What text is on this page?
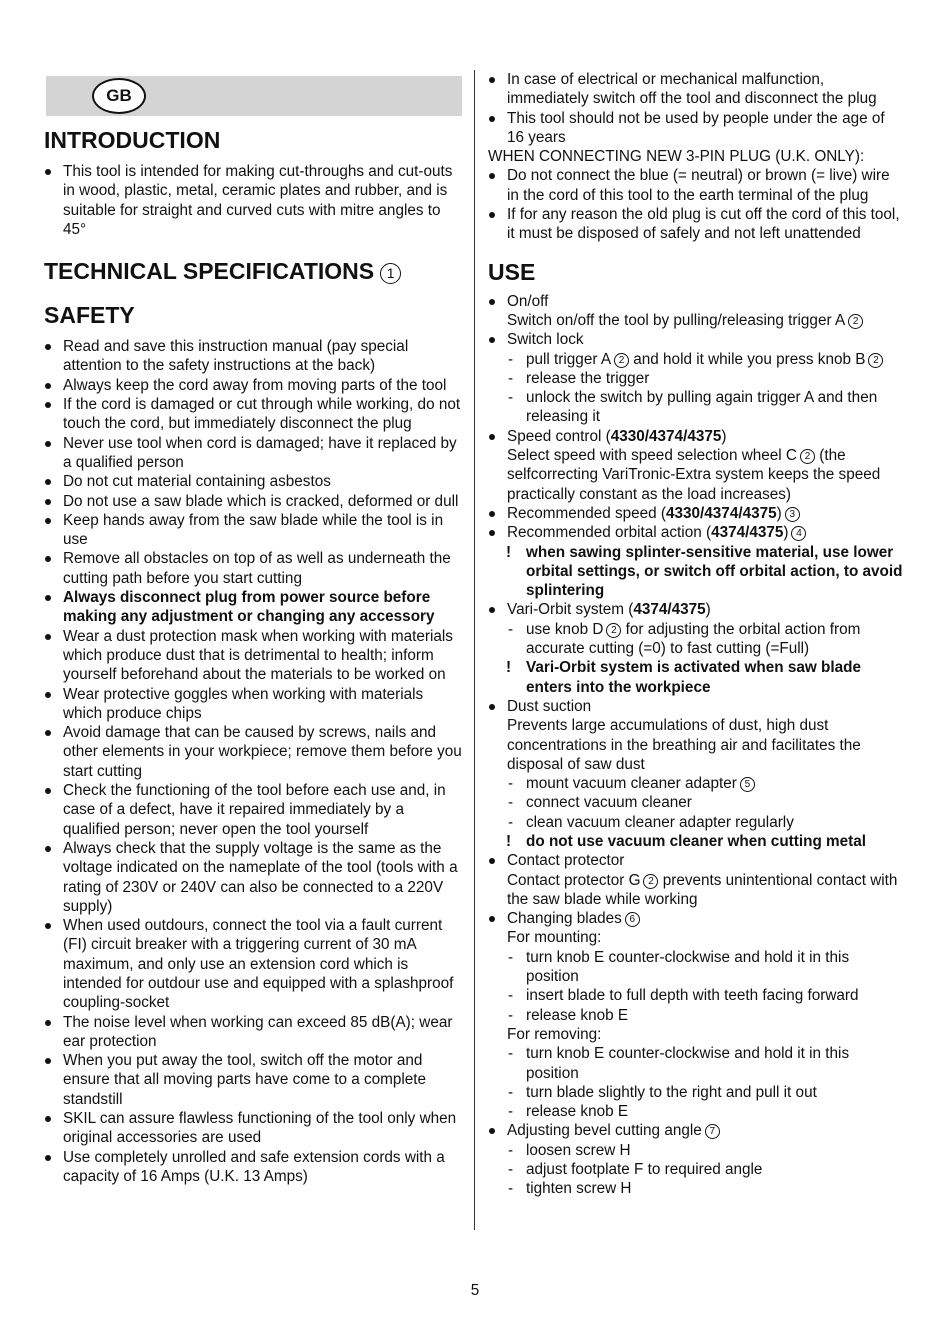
GB
INTRODUCTION
This tool is intended for making cut-throughs and cut-outs in wood, plastic, metal, ceramic plates and rubber, and is suitable for straight and curved cuts with mitre angles to 45°
TECHNICAL SPECIFICATIONS 1
SAFETY
Read and save this instruction manual (pay special attention to the safety instructions at the back)
Always keep the cord away from moving parts of the tool
If the cord is damaged or cut through while working, do not touch the cord, but immediately disconnect the plug
Never use tool when cord is damaged; have it replaced by a qualified person
Do not cut material containing asbestos
Do not use a saw blade which is cracked, deformed or dull
Keep hands away from the saw blade while the tool is in use
Remove all obstacles on top of as well as underneath the cutting path before you start cutting
Always disconnect plug from power source before making any adjustment or changing any accessory
Wear a dust protection mask when working with materials which produce dust that is detrimental to health; inform yourself beforehand about the materials to be worked on
Wear protective goggles when working with materials which produce chips
Avoid damage that can be caused by screws, nails and other elements in your workpiece; remove them before you start cutting
Check the functioning of the tool before each use and, in case of a defect, have it repaired immediately by a qualified person; never open the tool yourself
Always check that the supply voltage is the same as the voltage indicated on the nameplate of the tool (tools with a rating of 230V or 240V can also be connected to a 220V supply)
When used outdours, connect the tool via a fault current (FI) circuit breaker with a triggering current of 30 mA maximum, and only use an extension cord which is intended for outdour use and equipped with a splashproof coupling-socket
The noise level when working can exceed 85 dB(A); wear ear protection
When you put away the tool, switch off the motor and ensure that all moving parts have come to a complete standstill
SKIL can assure flawless functioning of the tool only when original accessories are used
Use completely unrolled and safe extension cords with a capacity of 16 Amps (U.K. 13 Amps)
In case of electrical or mechanical malfunction, immediately switch off the tool and disconnect the plug
This tool should not be used by people under the age of 16 years
WHEN CONNECTING NEW 3-PIN PLUG (U.K. ONLY):
Do not connect the blue (= neutral) or brown (= live) wire in the cord of this tool to the earth terminal of the plug
If for any reason the old plug is cut off the cord of this tool, it must be disposed of safely and not left unattended
USE
On/off
Switch on/off the tool by pulling/releasing trigger A 2
Switch lock
- pull trigger A 2 and hold it while you press knob B 2
- release the trigger
- unlock the switch by pulling again trigger A and then releasing it
Speed control (4330/4374/4375)
Select speed with speed selection wheel C 2 (the selfcorrecting VariTronic-Extra system keeps the speed practically constant as the load increases)
Recommended speed (4330/4374/4375) 3
Recommended orbital action (4374/4375) 4
! when sawing splinter-sensitive material, use lower orbital settings, or switch off orbital action, to avoid splintering
Vari-Orbit system (4374/4375)
- use knob D 2 for adjusting the orbital action from accurate cutting (=0) to fast cutting (=Full)
! Vari-Orbit system is activated when saw blade enters into the workpiece
Dust suction
Prevents large accumulations of dust, high dust concentrations in the breathing air and facilitates the disposal of saw dust
- mount vacuum cleaner adapter 5
- connect vacuum cleaner
- clean vacuum cleaner adapter regularly
! do not use vacuum cleaner when cutting metal
Contact protector
Contact protector G 2 prevents unintentional contact with the saw blade while working
Changing blades 6
For mounting:
- turn knob E counter-clockwise and hold it in this position
- insert blade to full depth with teeth facing forward
- release knob E
For removing:
- turn knob E counter-clockwise and hold it in this position
- turn blade slightly to the right and pull it out
- release knob E
Adjusting bevel cutting angle 7
- loosen screw H
- adjust footplate F to required angle
- tighten screw H
5
